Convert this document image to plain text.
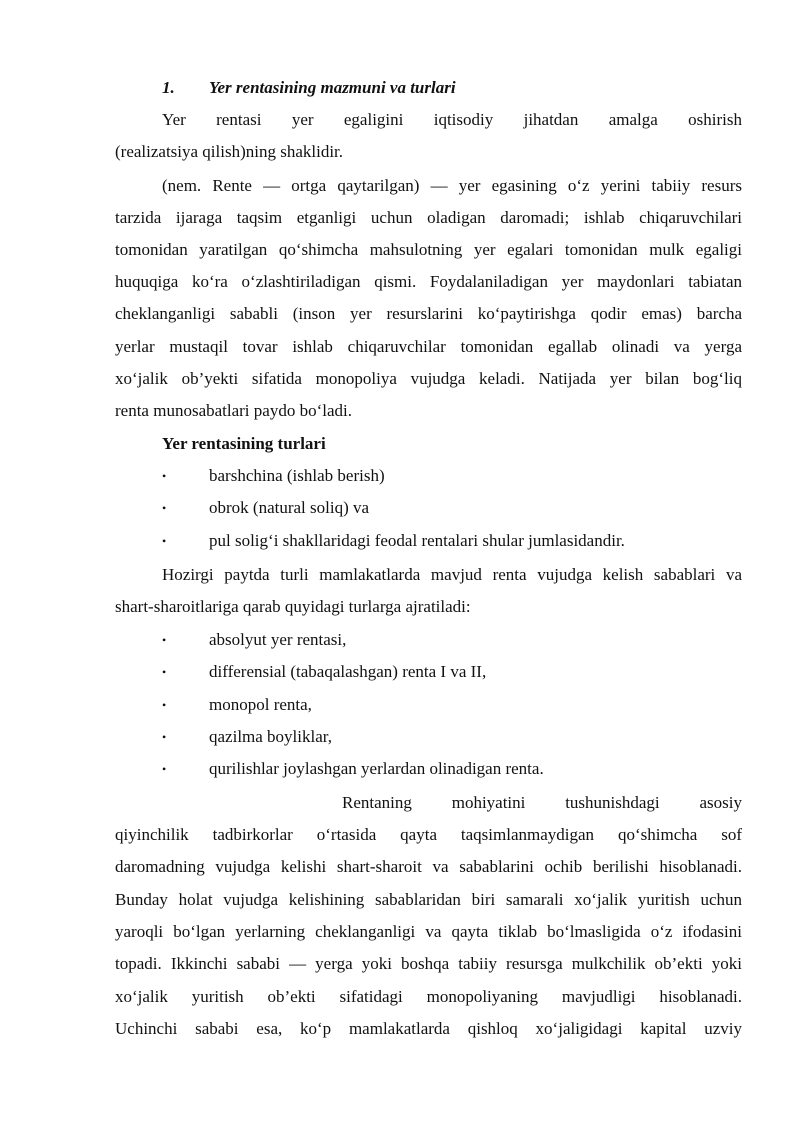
1. Yer rentasining mazmuni va turlari
Yer rentasi yer egaligini iqtisodiy jihatdan amalga oshirish
(realizatsiya qilish)ning shaklidir.
(nem. Rente — ortga qaytarilgan) — yer egasining o‘z yerini tabiiy resurs
tarzida ijaraga taqsim etganligi uchun oladigan daromadi; ishlab chiqaruvchilari
tomonidan yaratilgan qo‘shimcha mahsulotning yer egalari tomonidan mulk egaligi
huquqiga ko‘ra o‘zlashtiriladigan qismi. Foydalaniladigan yer maydonlari tabiatan
cheklanganligi sababli (inson yer resurslarini ko‘paytirishga qodir emas) barcha
yerlar mustaqil tovar ishlab chiqaruvchilar tomonidan egallab olinadi va yerga
xo‘jalik ob’yekti sifatida monopoliya vujudga keladi. Natijada yer bilan bog‘liq
renta munosabatlari paydo bo‘ladi.
Yer rentasining turlari
•	barshchina (ishlab berish)
•	obrok (natural soliq) va
•	pul solig‘i shakllaridagi feodal rentalari shular jumlasidandir.
Hozirgi paytda turli mamlakatlarda mavjud renta vujudga kelish sabablari va
shart-sharoitlariga qarab quyidagi turlarga ajratiladi:
•	absolyut yer rentasi,
•	differensial (tabaqalashgan) renta I va II,
•	monopol renta,
•	qazilma boyliklar,
•	qurilishlar joylashgan yerlardan olinadigan renta.
Rentaning mohiyatini tushunishdagi asosiy
qiyinchilik tadbirkorlar o‘rtasida qayta taqsimlanmaydigan qo‘shimcha sof
daromadning vujudga kelishi shart-sharoit va sabablarini ochib berilishi hisoblanadi.
Bunday holat vujudga kelishining sabablaridan biri samarali xo‘jalik yuritish uchun
yaroqli bo‘lgan yerlarning cheklanganligi va qayta tiklab bo‘lmasligida o‘z ifodasini
topadi. Ikkinchi sababi — yerga yoki boshqa tabiiy resursga mulkchilik ob’ekti yoki
xo‘jalik yuritish ob’ekti sifatidagi monopoliyaning mavjudligi hisoblanadi.
Uchinchi sababi esa, ko‘p mamlakatlarda qishloq xo‘jaligidagi kapital uzviy
